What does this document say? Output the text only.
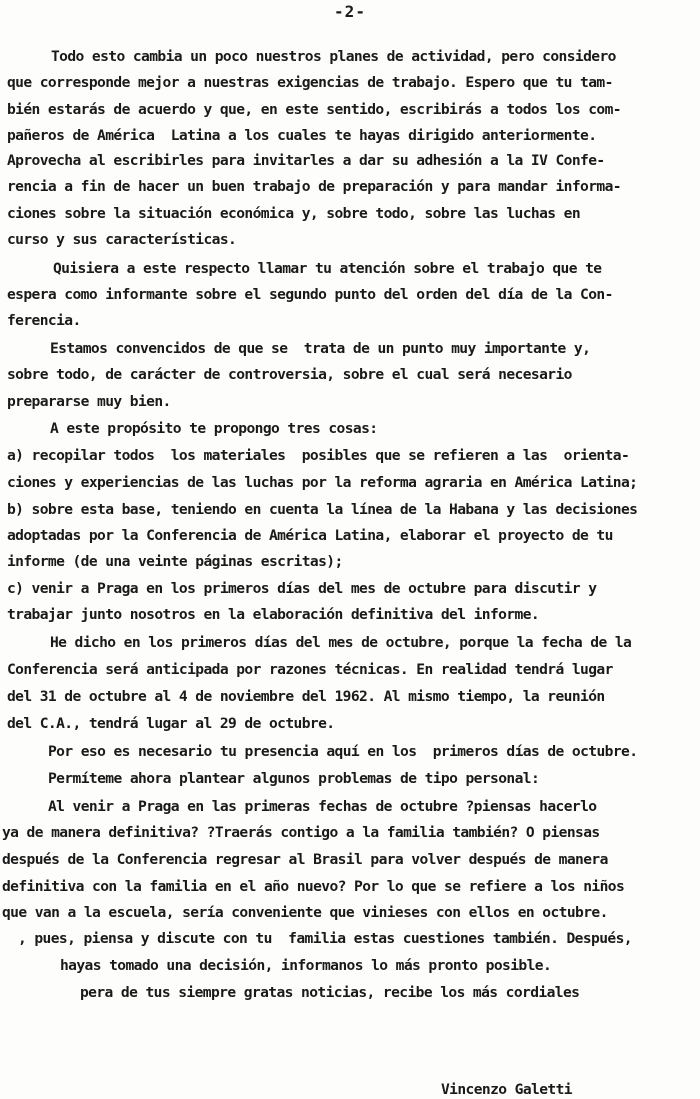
-2-
Todo esto cambia un poco nuestros planes de actividad, pero considero
que corresponde mejor a nuestras exigencias de trabajo. Espero que tu tam-
bién estarás de acuerdo y que, en este sentido, escribirás a todos los com-
pañeros de América  Latina a los cuales te hayas dirigido anteriormente.
Aprovecha al escribirles para invitarles a dar su adhesión a la IV Confe-
rencia a fin de hacer un buen trabajo de preparación y para mandar informa-
ciones sobre la situación económica y, sobre todo, sobre las luchas en
curso y sus características.
Quisiera a este respecto llamar tu atención sobre el trabajo que te
espera como informante sobre el segundo punto del orden del día de la Con-
ferencia.
Estamos convencidos de que se  trata de un punto muy importante y,
sobre todo, de carácter de controversia, sobre el cual será necesario
prepararse muy bien.
A este propósito te propongo tres cosas:
a) recopilar todos  los materiales  posibles que se refieren a las  orienta-
ciones y experiencias de las luchas por la reforma agraria en América Latina;
b) sobre esta base, teniendo en cuenta la línea de la Habana y las decisiones
adoptadas por la Conferencia de América Latina, elaborar el proyecto de tu
informe (de una veinte páginas escritas);
c) venir a Praga en los primeros días del mes de octubre para discutir y
trabajar junto nosotros en la elaboración definitiva del informe.
He dicho en los primeros días del mes de octubre, porque la fecha de la
Conferencia será anticipada por razones técnicas. En realidad tendrá lugar
del 31 de octubre al 4 de noviembre del 1962. Al mismo tiempo, la reunión
del C.A., tendrá lugar al 29 de octubre.
Por eso es necesario tu presencia aquí en los  primeros días de octubre.
Permíteme ahora plantear algunos problemas de tipo personal:
Al venir a Praga en las primeras fechas de octubre ?piensas hacerlo
ya de manera definitiva? ?Traerás contigo a la familia también? O piensas
después de la Conferencia regresar al Brasil para volver después de manera
definitiva con la familia en el año nuevo? Por lo que se refiere a los niños
que van a la escuela, sería conveniente que vinieses con ellos en octubre.
, pues, piensa y discute con tu  familia estas cuestiones también. Después,
hayas tomado una decisión, informanos lo más pronto posible.
pera de tus siempre gratas noticias, recibe los más cordiales
Vincenzo Galetti
